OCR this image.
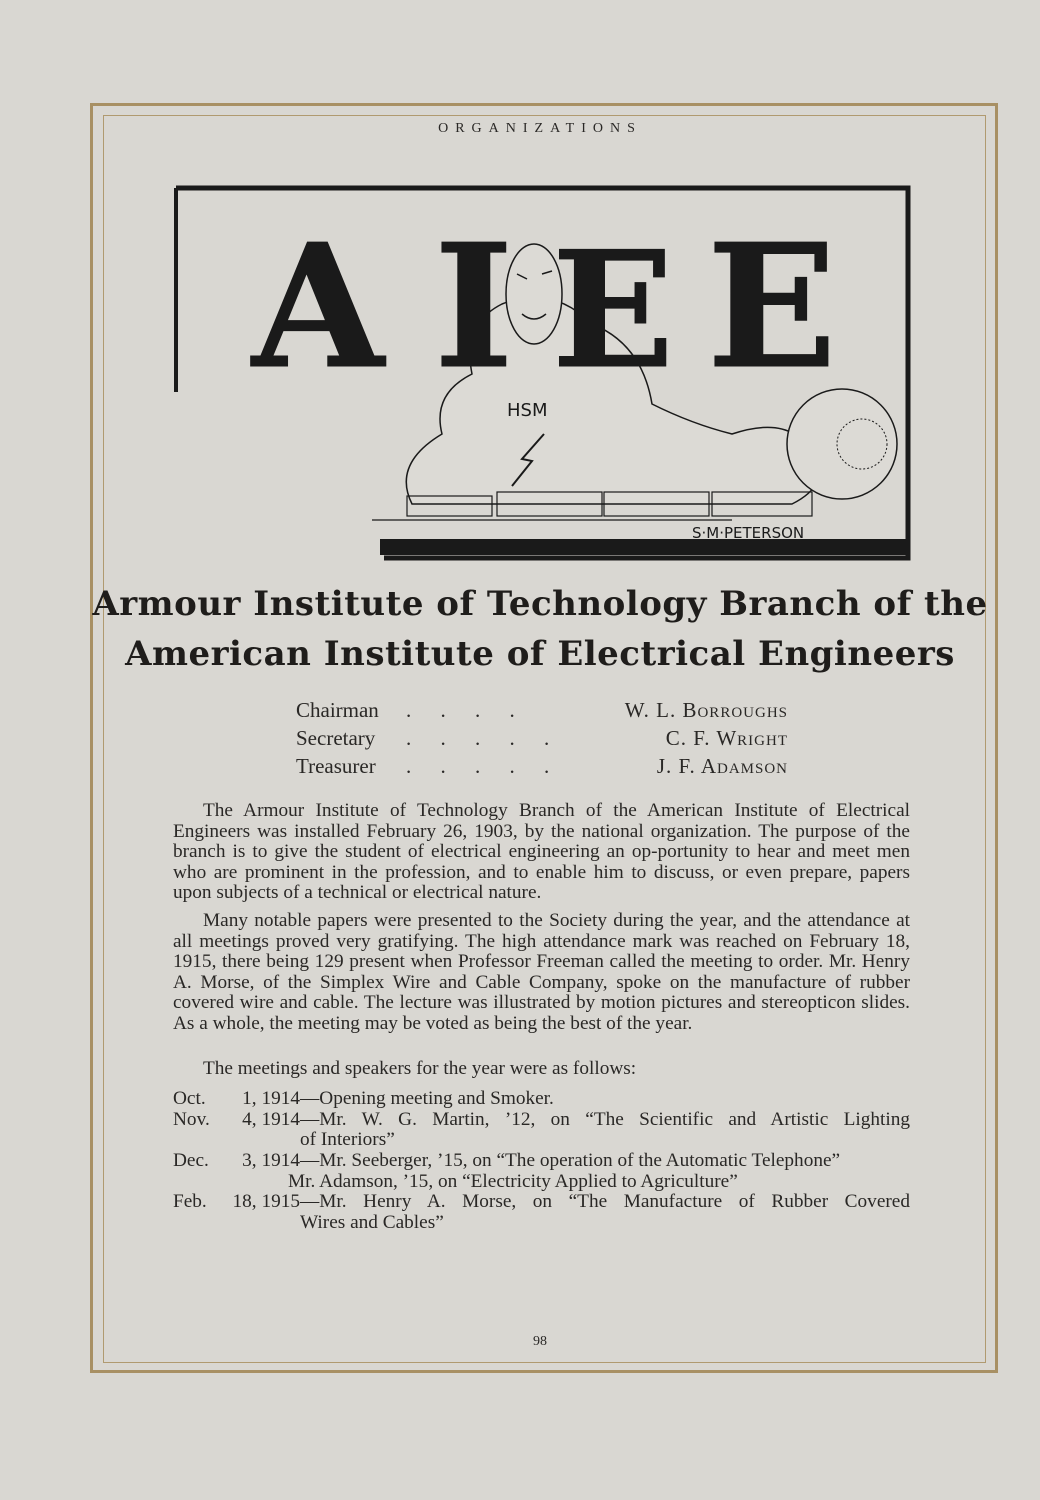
ORGANIZATIONS
A I E E
HSM
S·M·PETERSON
Armour Institute of Technology Branch of the
American Institute of Electrical Engineers
Chairman	. . . .	W. L. Borroughs
Secretary	. . . . .	C. F. Wright
Treasurer	. . . . .	J. F. Adamson

The Armour Institute of Technology Branch of the American Institute of Electrical Engineers was installed February 26, 1903, by the national organization. The purpose of the branch is to give the student of electrical engineering an op-portunity to hear and meet men who are prominent in the profession, and to enable him to discuss, or even prepare, papers upon subjects of a technical or electrical nature.

Many notable papers were presented to the Society during the year, and the attendance at all meetings proved very gratifying. The high attendance mark was reached on February 18, 1915, there being 129 present when Professor Freeman called the meeting to order. Mr. Henry A. Morse, of the Simplex Wire and Cable Company, spoke on the manufacture of rubber covered wire and cable. The lecture was illustrated by motion pictures and stereopticon slides. As a whole, the meeting may be voted as being the best of the year.

The meetings and speakers for the year were as follows:

Oct.	1, 1914 —Opening meeting and Smoker.
Nov.	4, 1914 —Mr. W. G. Martin, ’12, on “The Scientific and Artistic Lighting
of Interiors”
Dec.	3, 1914 —Mr. Seeberger, ’15, on “The operation of the Automatic Telephone”
Mr. Adamson, ’15, on “Electricity Applied to Agriculture”
Feb.	18, 1915 —Mr. Henry A. Morse, on “The Manufacture of Rubber Covered
Wires and Cables”
98
